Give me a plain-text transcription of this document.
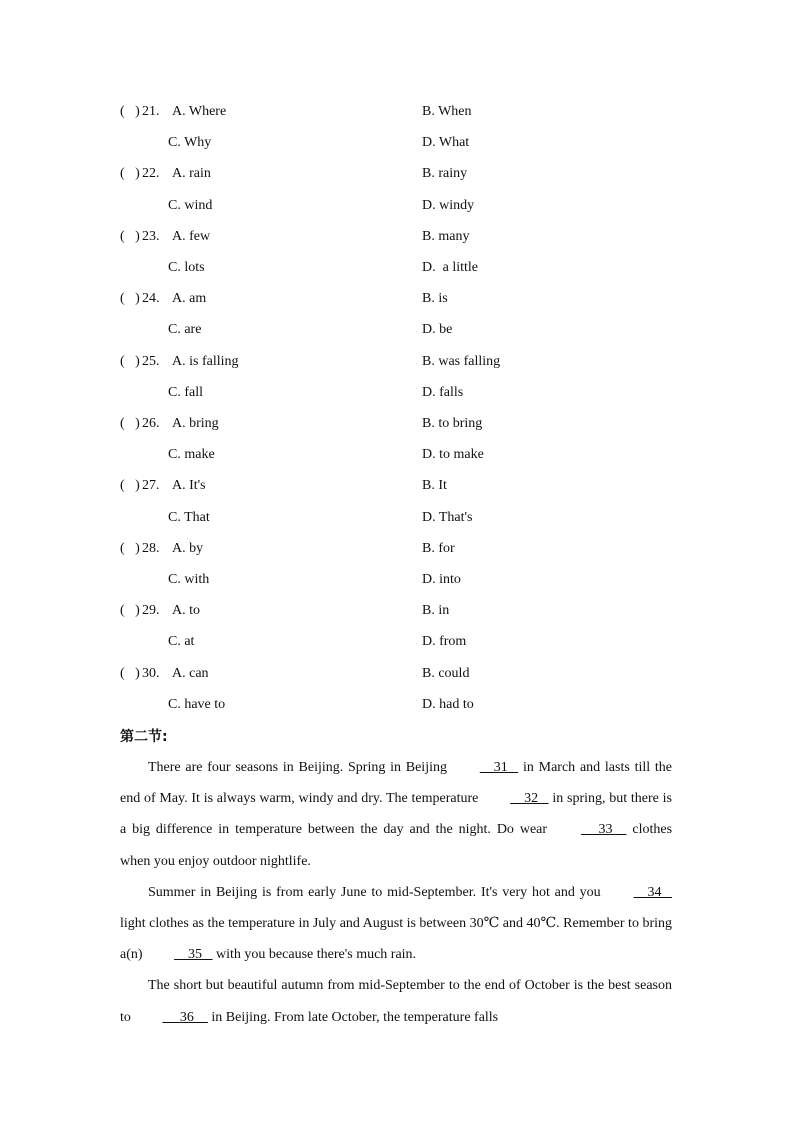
(   ) 21. A. Where	B. When
C. Why	D. What
(   ) 22. A. rain	B. rainy
C. wind	D. windy
(   ) 23. A. few	B. many
C. lots	D.  a little
(   ) 24. A. am	B. is
C. are	D. be
(   ) 25. A. is falling	B. was falling
C. fall	D. falls
(   ) 26. A. bring	B. to bring
C. make	D. to make
(   ) 27. A. It's	B. It
C. That	D. That's
(   ) 28. A. by	B. for
C. with	D. into
(   ) 29. A. to	B. in
C. at	D. from
(   ) 30. A. can	B. could
C. have to	D. had to
第二节:

There are four seasons in Beijing. Spring in Beijing     31    in March and lasts till the end of May. It is always warm, windy and dry. The temperature     32    in spring, but there is a big difference in temperature between the day and the night. Do wear      33     clothes when you enjoy outdoor nightlife.

Summer in Beijing is from early June to mid-September. It's very hot and you     34    light clothes as the temperature in July and August is between 30℃ and 40℃. Remember to bring a(n)     35    with you because there's much rain.

The short but beautiful autumn from mid-September to the end of October is the best season to      36     in Beijing. From late October, the temperature falls
